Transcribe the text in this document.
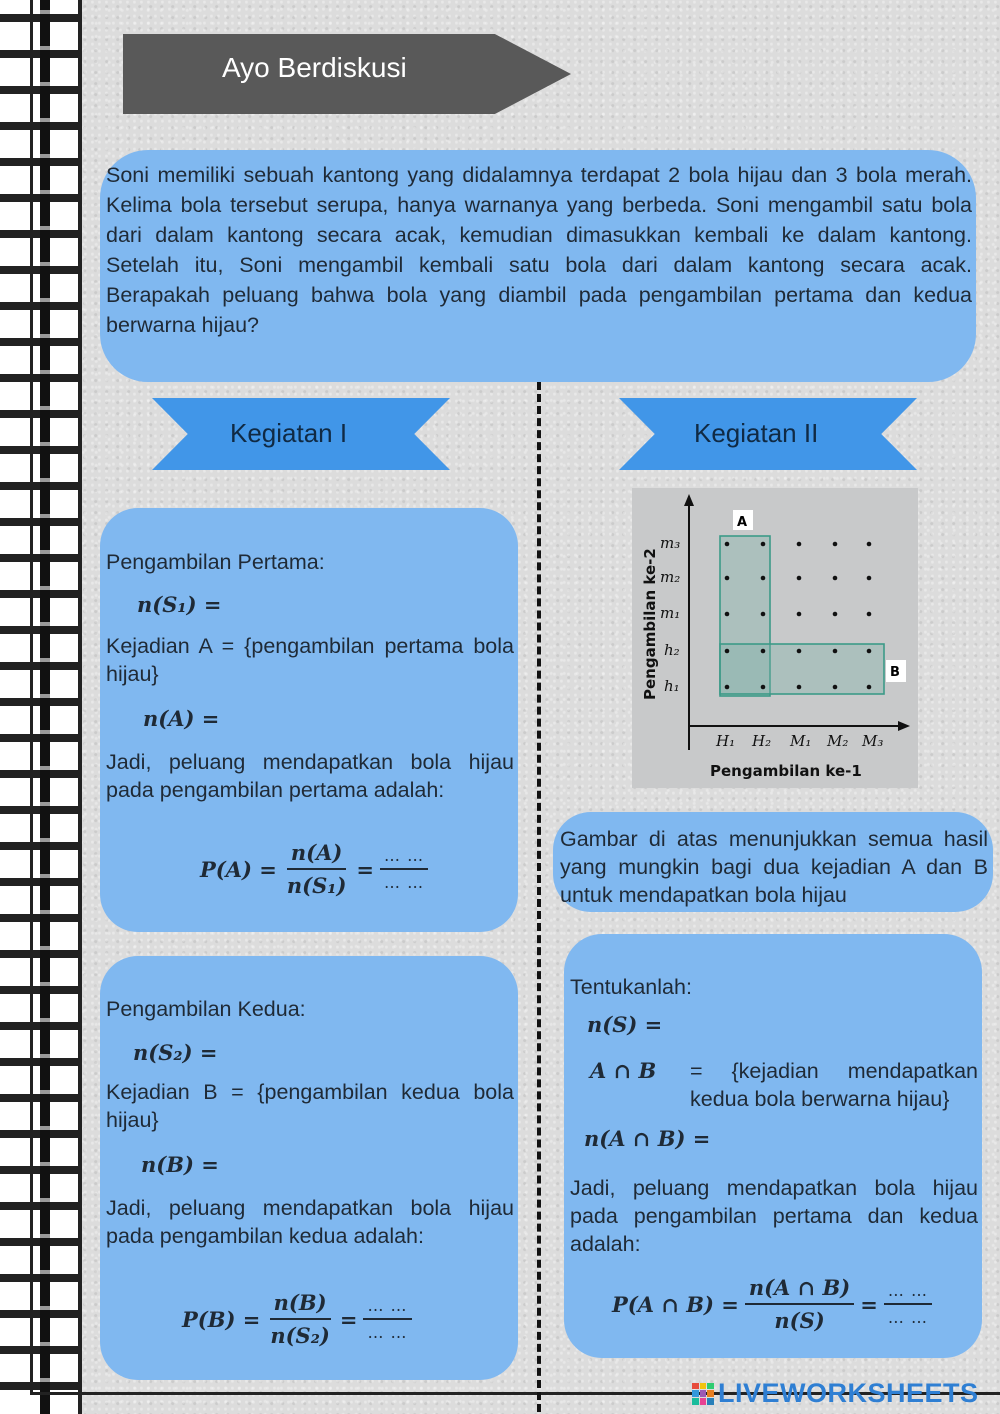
Ayo Berdiskusi
Soni memiliki sebuah kantong yang didalamnya terdapat 2 bola hijau dan 3 bola merah. Kelima bola tersebut serupa, hanya warnanya yang berbeda. Soni mengambil satu bola dari dalam kantong secara acak, kemudian dimasukkan kembali ke dalam kantong. Setelah itu, Soni mengambil kembali satu bola dari dalam kantong secara acak. Berapakah peluang bahwa bola yang diambil pada pengambilan pertama dan kedua berwarna hijau?
Kegiatan I	Kegiatan II
Pengambilan Pertama:
n(S₁) =
Kejadian A = {pengambilan pertama bola hijau}
n(A) =
Jadi, peluang mendapatkan bola hijau pada pengambilan pertama adalah:
$P(A) = \frac{n(A)}{\text{n(S₁)}} = \frac{\dots \dots}{\dots \dots}$
Pengambilan Kedua:
n(S₂) =
Kejadian B = {pengambilan kedua bola hijau}
n(B) =
Jadi, peluang mendapatkan bola hijau pada pengambilan kedua adalah:
$P(B) = \frac{n(B)}{\text{n(S₂)}} = \frac{\dots \dots}{\dots \dots}$
A
B
m₃
m₂
m₁
h₂
h₁
H₁ H₂ M₁ M₂ M₃
Pengambilan ke-1
Pengambilan ke-2
Gambar di atas menunjukkan semua hasil yang mungkin bagi dua kejadian A dan B untuk mendapatkan bola hijau
Tentukanlah:
n(S) =
A ∩ B = {kejadian mendapatkan kedua bola berwarna hijau}
n(A ∩ B) =
Jadi, peluang mendapatkan bola hijau pada pengambilan pertama dan kedua adalah:
P(A ∩ $B) = \frac{n(A \cap B)}{n(S)} = \frac{\dots \dots}{\dots \dots}$
LIVEWORKSHEETS
